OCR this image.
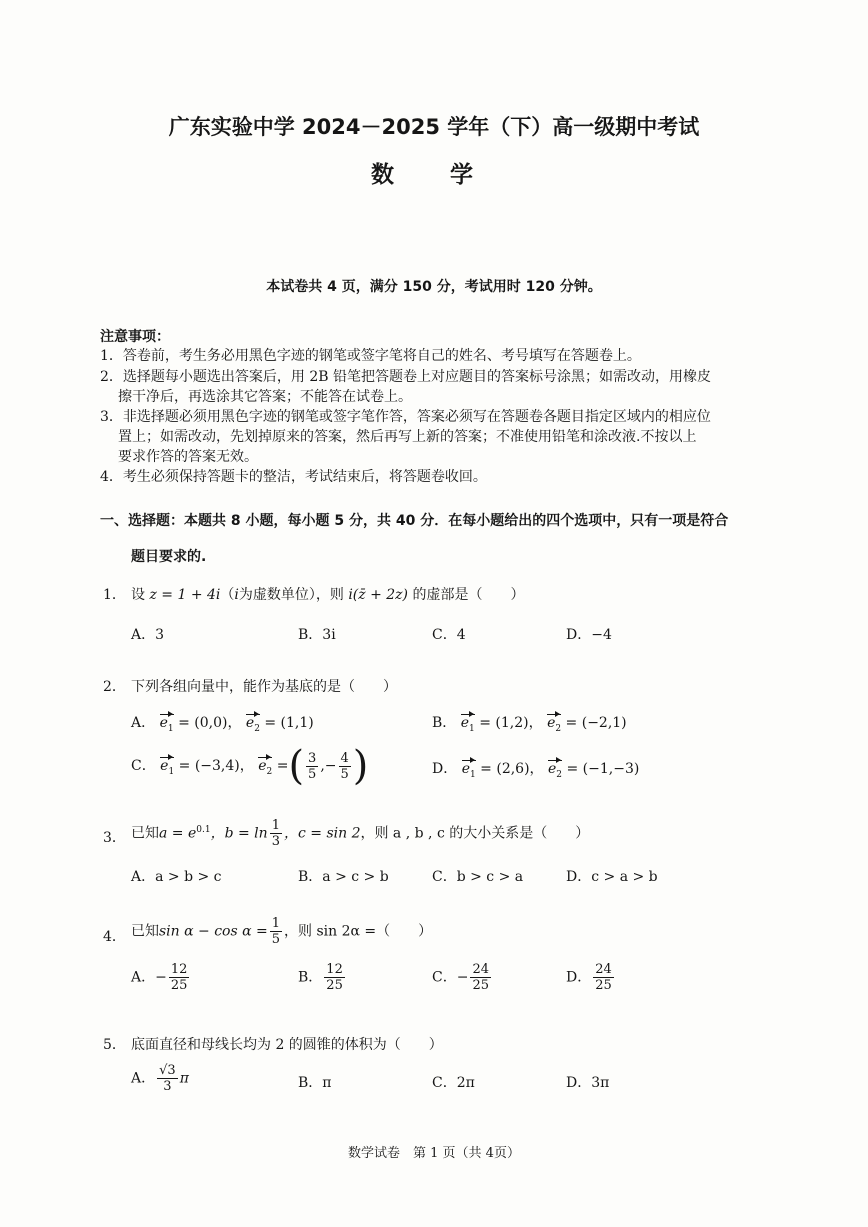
广东实验中学 2024－2025 学年（下）高一级期中考试
数 学
本试卷共 4 页，满分 150 分，考试用时 120 分钟。
注意事项：
1．答卷前，考生务必用黑色字迹的钢笔或签字笔将自己的姓名、考号填写在答题卷上。
2．选择题每小题选出答案后，用 2B 铅笔把答题卷上对应题目的答案标号涂黑；如需改动，用橡皮
擦干净后，再选涂其它答案；不能答在试卷上。
3．非选择题必须用黑色字迹的钢笔或签字笔作答，答案必须写在答题卷各题目指定区域内的相应位
置上；如需改动，先划掉原来的答案，然后再写上新的答案；不准使用铅笔和涂改液.不按以上
要求作答的答案无效。
4．考生必须保持答题卡的整洁，考试结束后，将答题卷收回。
一、选择题：本题共 8 小题，每小题 5 分，共 40 分．在每小题给出的四个选项中，只有一项是符合
题目要求的.
1． 设 z = 1 + 4i（i为虚数单位），则 i(z̄ + 2z) 的虚部是（　　）
A．3	B．3i	C．4	D．−4
2． 下列各组向量中，能作为基底的是（　　）
A． $e_1 = (0,0)$， $e_2 = (1,1)$	B． $e_1 = (1,2)$， $e_2 = (-2,1)$
C． $e_1 = (-3,4)$， $e_2$ =( $\frac{3}{5}$ ,− $\frac{4}{5}$ )	D． $e_1 = (2,6)$， $e_2 = (-1,-3)$
3． 已知$a = e^{0.1}$，$b = \ln \frac{1}{3}$ ，c = sin 2，则 a , b , c 的大小关系是（　　）
A．a > b > c	B．a > c > b	C．b > c > a	D．c > a > b
4． 已知$\sin \alpha - \cos \alpha = \frac{1}{5}$ ，则 sin 2α =（　　）
A．− $\frac{12}{25}$	B． $\frac{12}{25}$	C．− $\frac{24}{25}$	D． $\frac{24}{25}$
5． 底面直径和母线长均为 2 的圆锥的体积为（　　）
A． $\frac{√3}{3}$ π	B．π	C．2π	D．3π
数学试卷　第 1 页（共 4页）
